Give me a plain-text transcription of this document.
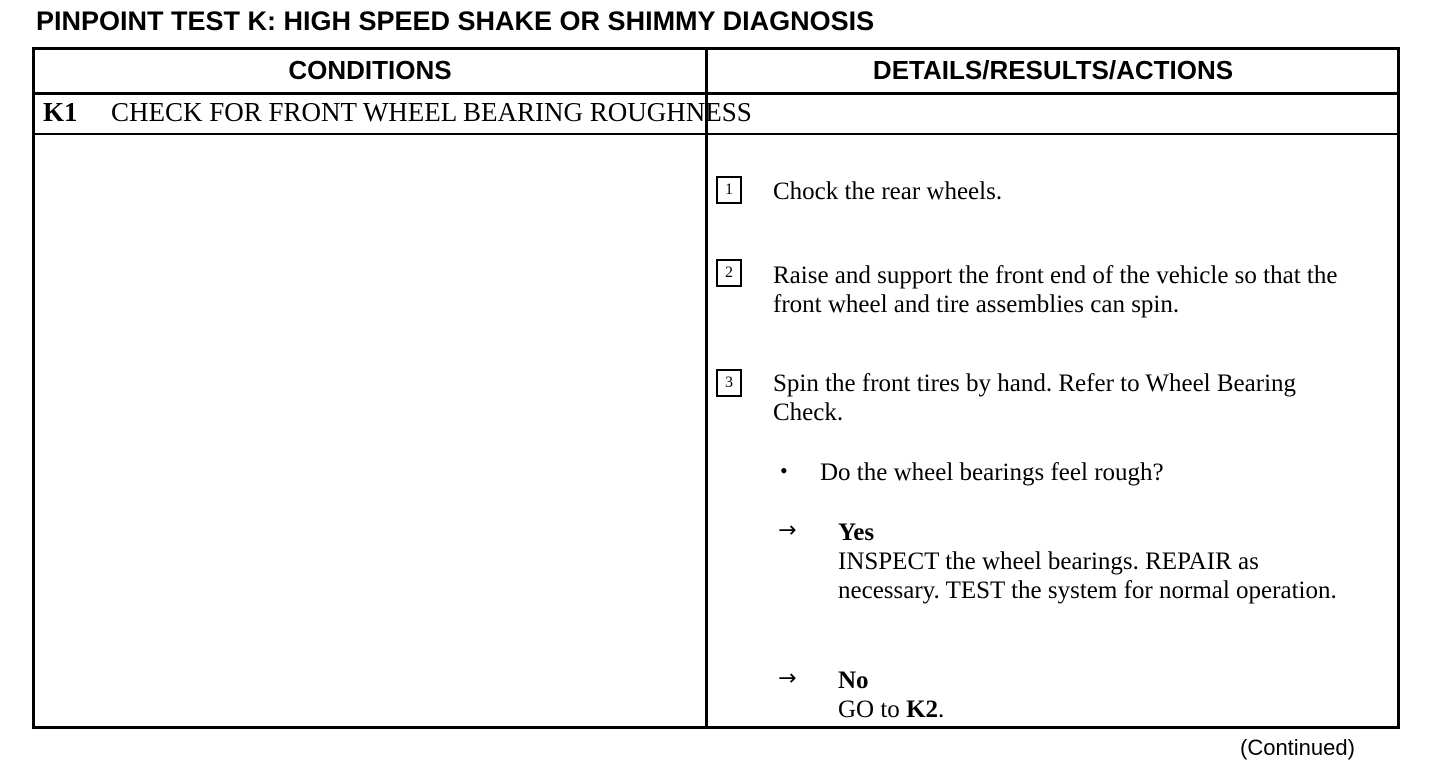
PINPOINT TEST K: HIGH SPEED SHAKE OR SHIMMY DIAGNOSIS
CONDITIONS	DETAILS/RESULTS/ACTIONS
K1 CHECK FOR FRONT WHEEL BEARING ROUGHNESS
1	Chock the rear wheels.
2	Raise and support the front end of the vehicle so that the front wheel and tire assemblies can spin.
3	Spin the front tires by hand. Refer to Wheel Bearing Check.
• Do the wheel bearings feel rough?
→ Yes
INSPECT the wheel bearings. REPAIR as necessary. TEST the system for normal operation.
→ No
GO to K2.
(Continued)
